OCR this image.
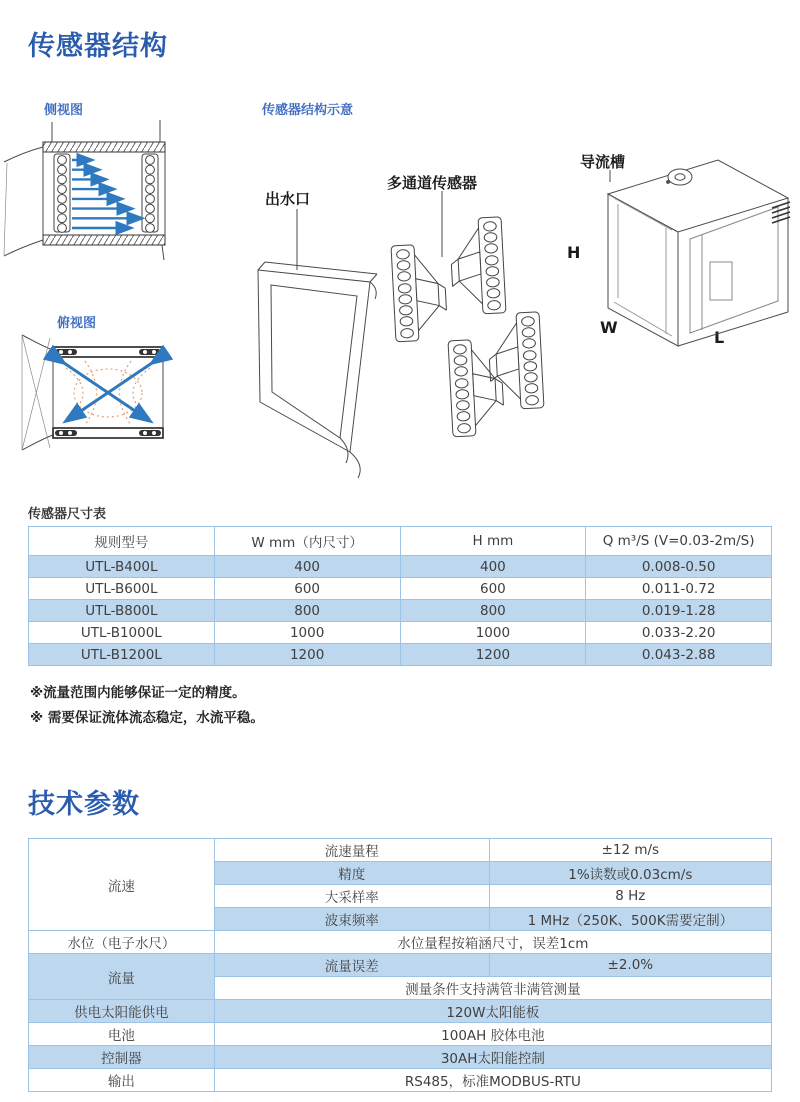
传感器结构
侧视图	传感器结构示意
俯视图
出水口
多通道传感器
导流槽
H
W
L
传感器尺寸表
规则型号	W mm（内尺寸）	H mm	Q m³/S (V=0.03-2m/S)
UTL-B400L	400	400	0.008-0.50
UTL-B600L	600	600	0.011-0.72
UTL-B800L	800	800	0.019-1.28
UTL-B1000L	1000	1000	0.033-2.20
UTL-B1200L	1200	1200	0.043-2.88
※流量范围内能够保证一定的精度。
※ 需要保证流体流态稳定，水流平稳。
技术参数
流速	流速量程	±12 m/s
	精度	1%读数或0.03cm/s
	大采样率	8 Hz
	波束频率	1 MHz（250K、500K需要定制）
水位（电子水尺）	水位量程按箱涵尺寸，误差1cm	
流量	流量误差	±2.0%
	测量条件支持满管非满管测量	
供电太阳能供电	120W太阳能板	
电池	100AH 胶体电池	
控制器	30AH太阳能控制	
输出	RS485，标准MODBUS-RTU	
